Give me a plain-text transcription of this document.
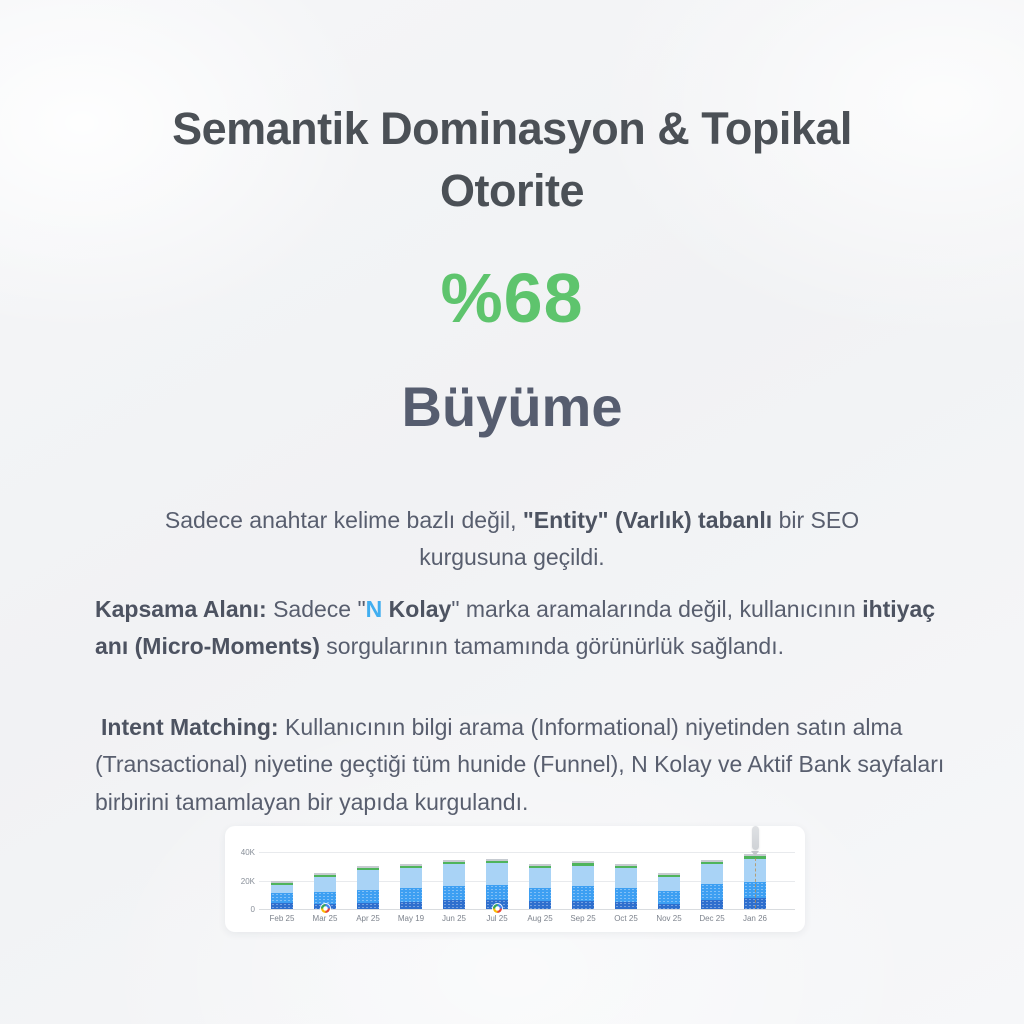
Semantik Dominasyon & Topikal
Otorite
%68
Büyüme
Sadece anahtar kelime bazlı değil, "Entity" (Varlık) tabanlı bir SEO kurgusuna geçildi.
Kapsama Alanı: Sadece "N Kolay" marka aramalarında değil, kullanıcının ihtiyaç anı (Micro-Moments) sorgularının tamamında görünürlük sağlandı.
Intent Matching: Kullanıcının bilgi arama (Informational) niyetinden satın alma (Transactional) niyetine geçtiği tüm hunide (Funnel), N Kolay ve Aktif Bank sayfaları birbirini tamamlayan bir yapıda kurgulandı.
40K
20K
0
Feb 25	Mar 25	Apr 25	May 19	Jun 25	Jul 25	Aug 25	Sep 25	Oct 25	Nov 25	Dec 25	Jan 26
